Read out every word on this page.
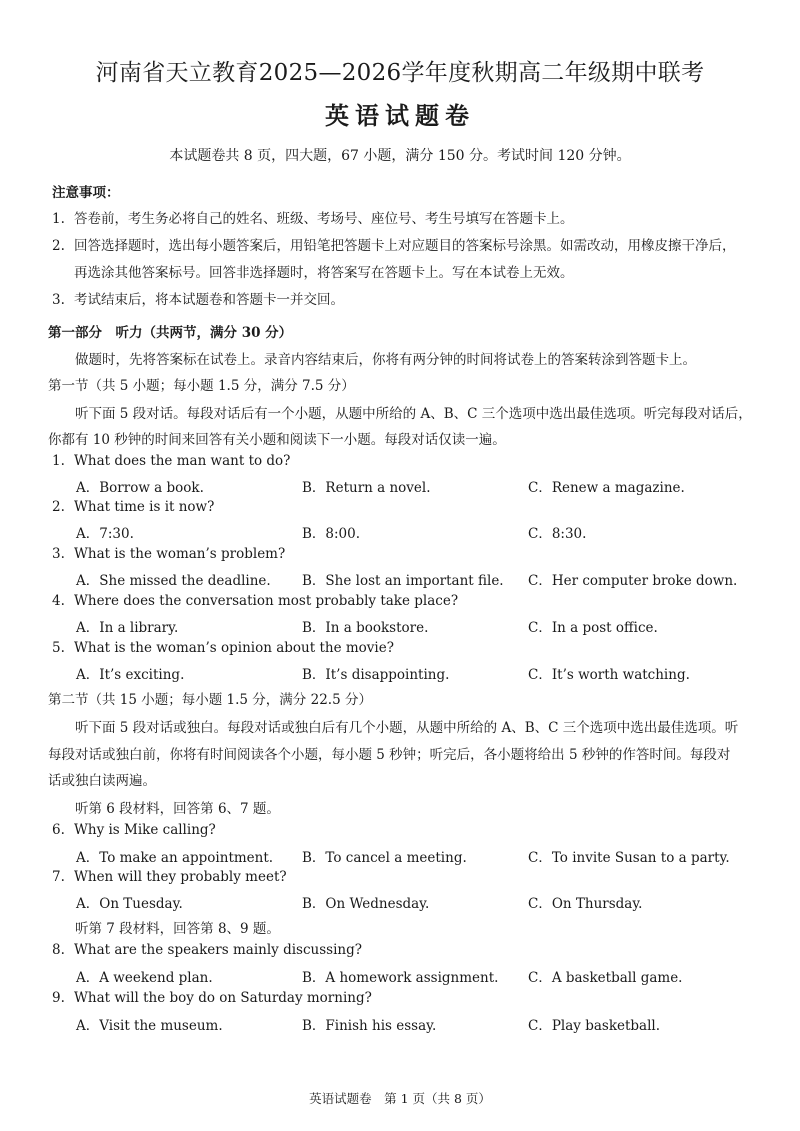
河南省天立教育2025—2026学年度秋期高二年级期中联考
英语试题卷
本试题卷共 8 页，四大题，67 小题，满分 150 分。考试时间 120 分钟。
注意事项：
1. 答卷前，考生务必将自己的姓名、班级、考场号、座位号、考生号填写在答题卡上。
2. 回答选择题时，选出每小题答案后，用铅笔把答题卡上对应题目的答案标号涂黑。如需改动，用橡皮擦干净后，
再选涂其他答案标号。回答非选择题时，将答案写在答题卡上。写在本试卷上无效。
3. 考试结束后，将本试题卷和答题卡一并交回。
第一部分　听力（共两节，满分 30 分）
做题时，先将答案标在试卷上。录音内容结束后，你将有两分钟的时间将试卷上的答案转涂到答题卡上。
第一节（共 5 小题；每小题 1.5 分，满分 7.5 分）
听下面 5 段对话。每段对话后有一个小题，从题中所给的 A、B、C 三个选项中选出最佳选项。听完每段对话后，
你都有 10 秒钟的时间来回答有关小题和阅读下一小题。每段对话仅读一遍。
1. What does the man want to do?
A．Borrow a book.	B．Return a novel.	C．Renew a magazine.
2. What time is it now?
A．7:30.	B．8:00.	C．8:30.
3. What is the woman’s problem?
A．She missed the deadline. B．She lost an important file. C．Her computer broke down.
4. Where does the conversation most probably take place?
A．In a library.	B．In a bookstore.	C．In a post office.
5. What is the woman’s opinion about the movie?
A．It’s exciting.	B．It’s disappointing.	C．It’s worth watching.
第二节（共 15 小题；每小题 1.5 分，满分 22.5 分）
听下面 5 段对话或独白。每段对话或独白后有几个小题，从题中所给的 A、B、C 三个选项中选出最佳选项。听
每段对话或独白前，你将有时间阅读各个小题，每小题 5 秒钟；听完后，各小题将给出 5 秒钟的作答时间。每段对
话或独白读两遍。
听第 6 段材料，回答第 6、7 题。
6. Why is Mike calling?
A．To make an appointment. B．To cancel a meeting.	C．To invite Susan to a party.
7. When will they probably meet?
A．On Tuesday.	B．On Wednesday.	C．On Thursday.
听第 7 段材料，回答第 8、9 题。
8. What are the speakers mainly discussing?
A．A weekend plan.	B．A homework assignment. C．A basketball game.
9. What will the boy do on Saturday morning?
A．Visit the museum.	B．Finish his essay.	C．Play basketball.
英语试题卷　第 1 页（共 8 页）
